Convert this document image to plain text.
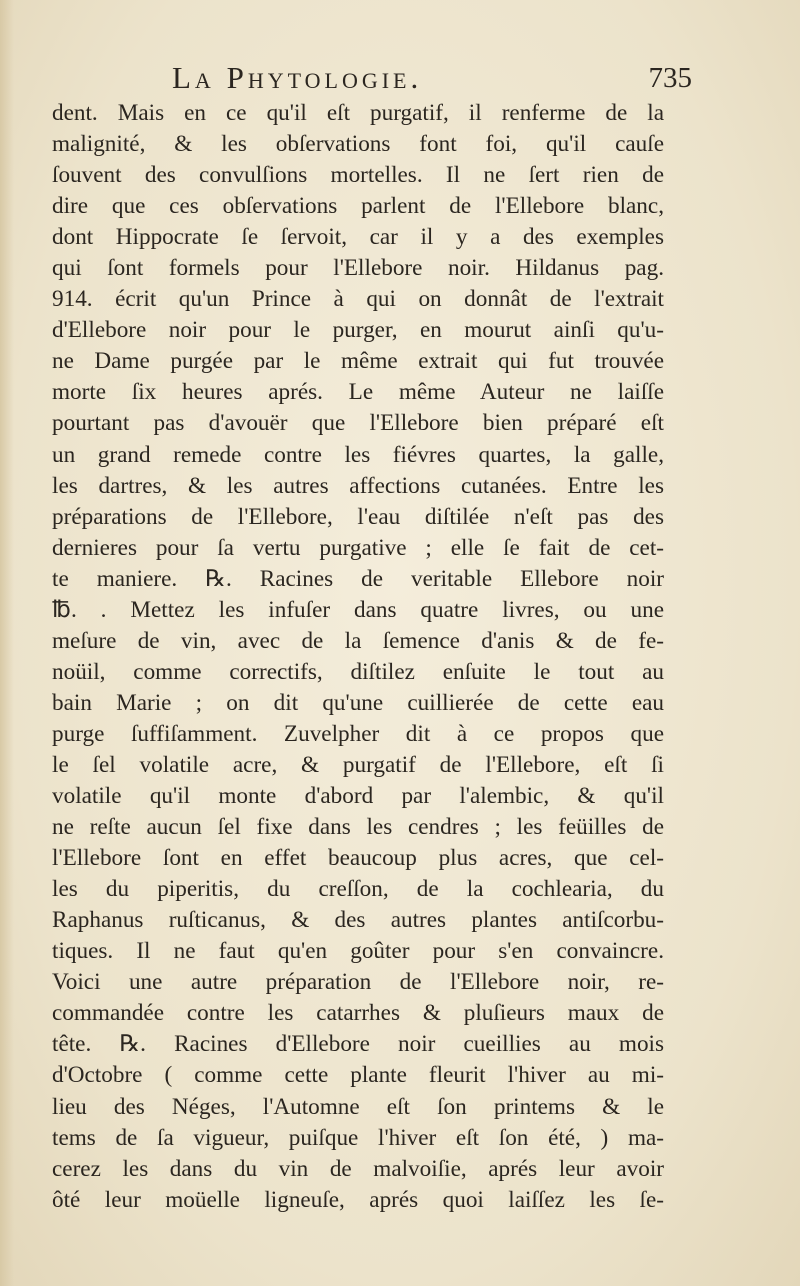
La Phytologie.	735
dent. Mais en ce qu'il eſt purgatif, il renferme de la
malignité, & les obſervations font foi, qu'il cauſe
ſouvent des convulſions mortelles. Il ne ſert rien de
dire que ces obſervations parlent de l'Ellebore blanc,
dont Hippocrate ſe ſervoit, car il y a des exemples
qui ſont formels pour l'Ellebore noir. Hildanus pag.
914. écrit qu'un Prince à qui on donnât de l'extrait
d'Ellebore noir pour le purger, en mourut ainſi qu'u-
ne Dame purgée par le même extrait qui fut trouvée
morte ſix heures aprés. Le même Auteur ne laiſſe
pourtant pas d'avouër que l'Ellebore bien préparé eſt
un grand remede contre les fiévres quartes, la galle,
les dartres, & les autres affections cutanées. Entre les
préparations de l'Ellebore, l'eau diſtilée n'eſt pas des
dernieres pour ſa vertu purgative ; elle ſe fait de cet-
te maniere. ℞. Racines de veritable Ellebore noir
℔. . Mettez les infuſer dans quatre livres, ou une
meſure de vin, avec de la ſemence d'anis & de fe-
noüil, comme correctifs, diſtilez enſuite le tout au
bain Marie ; on dit qu'une cuillierée de cette eau
purge ſuffiſamment. Zuvelpher dit à ce propos que
le ſel volatile acre, & purgatif de l'Ellebore, eſt ſi
volatile qu'il monte d'abord par l'alembic, & qu'il
ne reſte aucun ſel fixe dans les cendres ; les feüilles de
l'Ellebore ſont en effet beaucoup plus acres, que cel-
les du piperitis, du creſſon, de la cochlearia, du
Raphanus ruſticanus, & des autres plantes antiſcorbu-
tiques. Il ne faut qu'en goûter pour s'en convaincre.
Voici une autre préparation de l'Ellebore noir, re-
commandée contre les catarrhes & pluſieurs maux de
tête. ℞. Racines d'Ellebore noir cueillies au mois
d'Octobre ( comme cette plante fleurit l'hiver au mi-
lieu des Néges, l'Automne eſt ſon printems & le
tems de ſa vigueur, puiſque l'hiver eſt ſon été, ) ma-
cerez les dans du vin de malvoiſie, aprés leur avoir
ôté leur moüelle ligneuſe, aprés quoi laiſſez les ſe-
